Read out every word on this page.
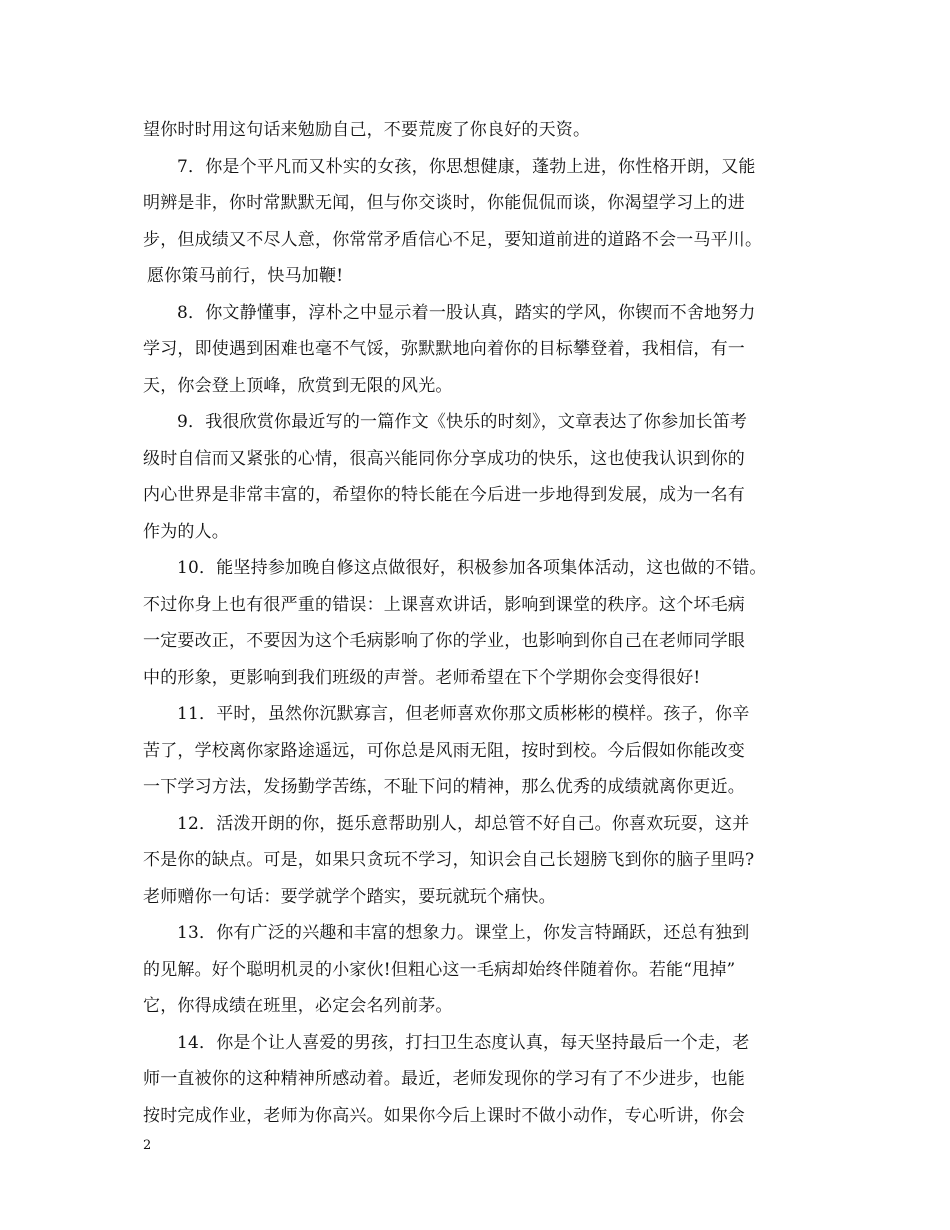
望你时时用这句话来勉励自己，不要荒废了你良好的天资。
7．你是个平凡而又朴实的女孩，你思想健康，蓬勃上进，你性格开朗，又能
明辨是非，你时常默默无闻，但与你交谈时，你能侃侃而谈，你渴望学习上的进
步，但成绩又不尽人意，你常常矛盾信心不足，要知道前进的道路不会一马平川。
愿你策马前行，快马加鞭!
8．你文静懂事，淳朴之中显示着一股认真，踏实的学风，你锲而不舍地努力
学习，即使遇到困难也毫不气馁，弥默默地向着你的目标攀登着，我相信，有一
天，你会登上顶峰，欣赏到无限的风光。
9．我很欣赏你最近写的一篇作文《快乐的时刻》，文章表达了你参加长笛考
级时自信而又紧张的心情，很高兴能同你分享成功的快乐，这也使我认识到你的
内心世界是非常丰富的，希望你的特长能在今后进一步地得到发展，成为一名有
作为的人。
10．能坚持参加晚自修这点做很好，积极参加各项集体活动，这也做的不错。
不过你身上也有很严重的错误：上课喜欢讲话，影响到课堂的秩序。这个坏毛病
一定要改正，不要因为这个毛病影响了你的学业，也影响到你自己在老师同学眼
中的形象，更影响到我们班级的声誉。老师希望在下个学期你会变得很好!
11．平时，虽然你沉默寡言，但老师喜欢你那文质彬彬的模样。孩子，你辛
苦了，学校离你家路途遥远，可你总是风雨无阻，按时到校。今后假如你能改变
一下学习方法，发扬勤学苦练，不耻下问的精神，那么优秀的成绩就离你更近。
12．活泼开朗的你，挺乐意帮助别人，却总管不好自己。你喜欢玩耍，这并
不是你的缺点。可是，如果只贪玩不学习，知识会自己长翅膀飞到你的脑子里吗?
老师赠你一句话：要学就学个踏实，要玩就玩个痛快。
13．你有广泛的兴趣和丰富的想象力。课堂上，你发言特踊跃，还总有独到
的见解。好个聪明机灵的小家伙!但粗心这一毛病却始终伴随着你。若能“甩掉”
它，你得成绩在班里，必定会名列前茅。
14．你是个让人喜爱的男孩，打扫卫生态度认真，每天坚持最后一个走，老
师一直被你的这种精神所感动着。最近，老师发现你的学习有了不少进步，也能
按时完成作业，老师为你高兴。如果你今后上课时不做小动作，专心听讲，你会
2
